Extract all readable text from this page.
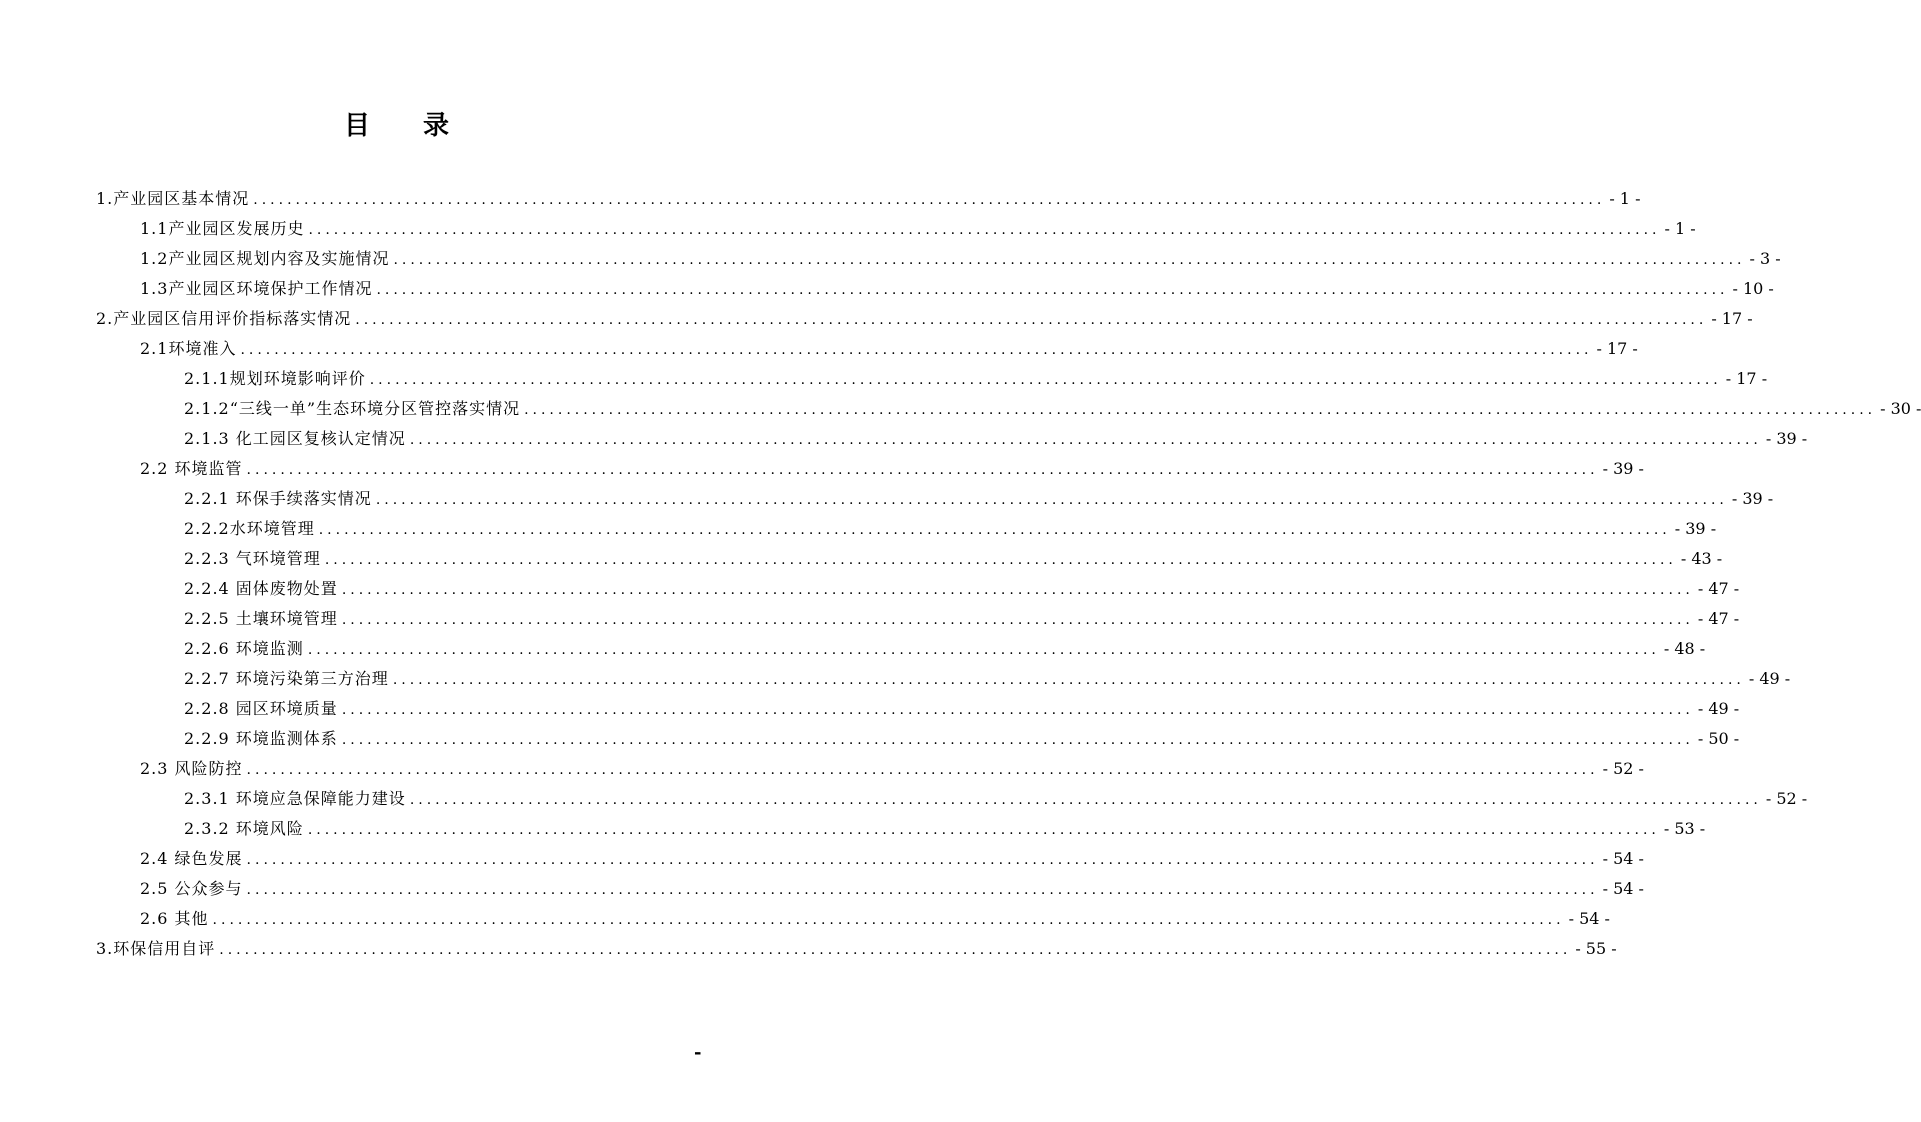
目 录
1.产业园区基本情况 ................................................................................................................................................................ - 1 -
1.1产业园区发展历史 ................................................................................................................................................................ - 1 -
1.2产业园区规划内容及实施情况 ................................................................................................................................................................ - 3 -
1.3产业园区环境保护工作情况 ................................................................................................................................................................ - 10 -
2.产业园区信用评价指标落实情况 ................................................................................................................................................................ - 17 -
2.1环境准入 ................................................................................................................................................................ - 17 -
2.1.1规划环境影响评价 ................................................................................................................................................................ - 17 -
2.1.2“三线一单”生态环境分区管控落实情况 ................................................................................................................................................................ - 30 -
2.1.3 化工园区复核认定情况 ................................................................................................................................................................ - 39 -
2.2 环境监管 ................................................................................................................................................................ - 39 -
2.2.1 环保手续落实情况 ................................................................................................................................................................ - 39 -
2.2.2水环境管理 ................................................................................................................................................................ - 39 -
2.2.3 气环境管理 ................................................................................................................................................................ - 43 -
2.2.4 固体废物处置 ................................................................................................................................................................ - 47 -
2.2.5 土壤环境管理 ................................................................................................................................................................ - 47 -
2.2.6 环境监测 ................................................................................................................................................................ - 48 -
2.2.7 环境污染第三方治理 ................................................................................................................................................................ - 49 -
2.2.8 园区环境质量 ................................................................................................................................................................ - 49 -
2.2.9 环境监测体系 ................................................................................................................................................................ - 50 -
2.3 风险防控 ................................................................................................................................................................ - 52 -
2.3.1 环境应急保障能力建设 ................................................................................................................................................................ - 52 -
2.3.2 环境风险 ................................................................................................................................................................ - 53 -
2.4 绿色发展 ................................................................................................................................................................ - 54 -
2.5 公众参与 ................................................................................................................................................................ - 54 -
2.6 其他 ................................................................................................................................................................ - 54 -
3.环保信用自评 ................................................................................................................................................................ - 55 -
-
